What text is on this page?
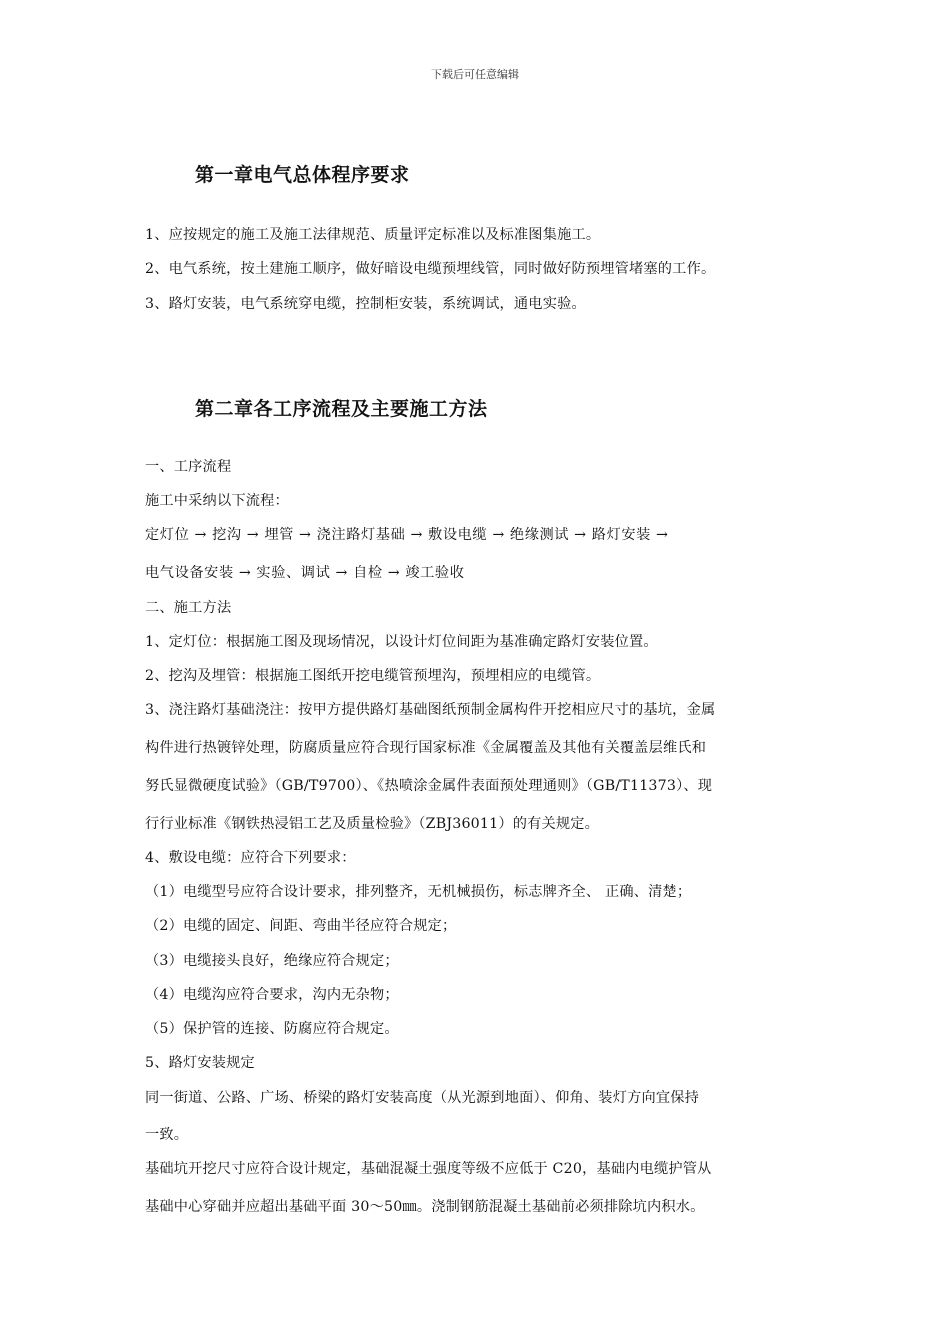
下载后可任意编辑
第一章电气总体程序要求
1、应按规定的施工及施工法律规范、质量评定标准以及标准图集施工。
2、电气系统，按土建施工顺序，做好暗设电缆预埋线管，同时做好防预埋管堵塞的工作。
3、路灯安装，电气系统穿电缆，控制柜安装，系统调试，通电实验。
第二章各工序流程及主要施工方法
一、工序流程
施工中采纳以下流程：
定灯位 → 挖沟 → 埋管 → 浇注路灯基础 → 敷设电缆 → 绝缘测试 → 路灯安装 →
电气设备安装 → 实验、调试 → 自检 → 竣工验收
二、施工方法
1、定灯位：根据施工图及现场情况，以设计灯位间距为基准确定路灯安装位置。
2、挖沟及埋管：根据施工图纸开挖电缆管预埋沟，预埋相应的电缆管。
3、浇注路灯基础浇注：按甲方提供路灯基础图纸预制金属构件开挖相应尺寸的基坑，金属
构件进行热镀锌处理，防腐质量应符合现行国家标准《金属覆盖及其他有关覆盖层维氏和
努氏显微硬度试验》（GB/T9700）、《热喷涂金属件表面预处理通则》（GB/T11373）、现
行行业标准《钢铁热浸铝工艺及质量检验》（ZBJ36011）的有关规定。
4、敷设电缆：应符合下列要求：
（1）电缆型号应符合设计要求，排列整齐，无机械损伤，标志牌齐全、 正确、清楚；
（2）电缆的固定、间距、弯曲半径应符合规定；
（3）电缆接头良好，绝缘应符合规定；
（4）电缆沟应符合要求，沟内无杂物；
（5）保护管的连接、防腐应符合规定。
5、路灯安装规定
同一街道、公路、广场、桥梁的路灯安装高度（从光源到地面）、仰角、装灯方向宜保持
一致。
基础坑开挖尺寸应符合设计规定，基础混凝土强度等级不应低于 C20，基础内电缆护管从
基础中心穿础并应超出基础平面 30～50㎜。浇制钢筋混凝土基础前必须排除坑内积水。
